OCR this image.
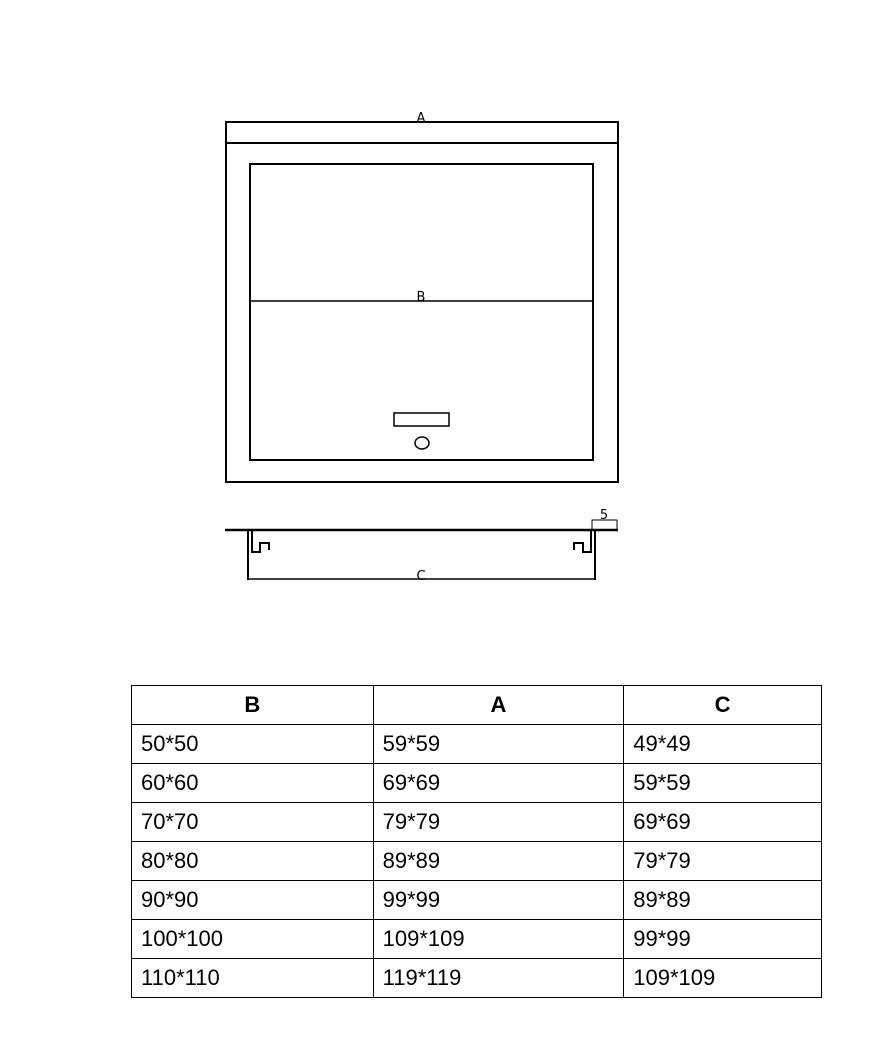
A
B
C
5
B	A	C
50*50	59*59	49*49
60*60	69*69	59*59
70*70	79*79	69*69
80*80	89*89	79*79
90*90	99*99	89*89
100*100	109*109	99*99
110*110	119*119	109*109
